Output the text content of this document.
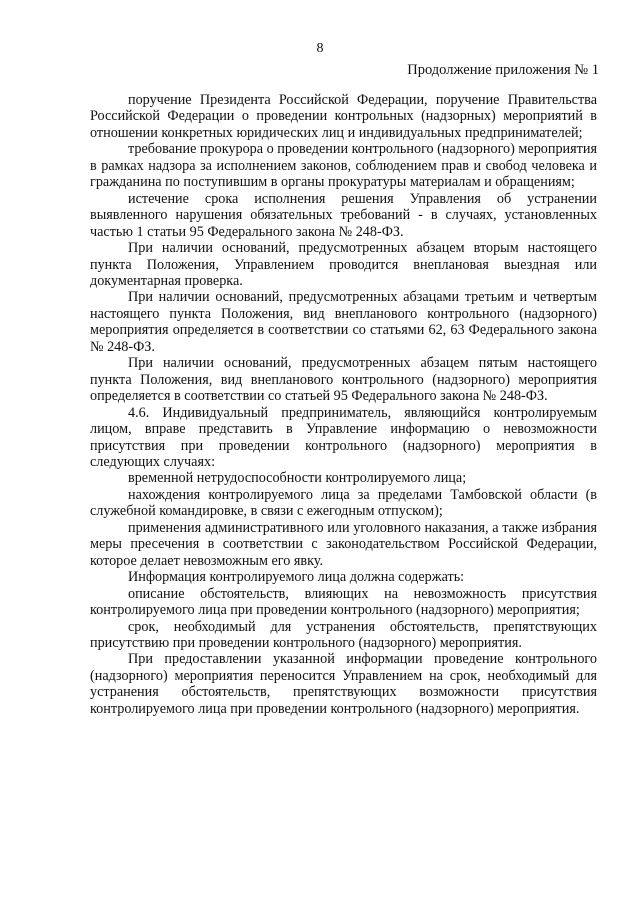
8
Продолжение приложения № 1

поручение Президента Российской Федерации, поручение Правительства Российской Федерации о проведении контрольных (надзорных) мероприятий в отношении конкретных юридических лиц и индивидуальных предпринимателей;

требование прокурора о проведении контрольного (надзорного) мероприятия в рамках надзора за исполнением законов, соблюдением прав и свобод человека и гражданина по поступившим в органы прокуратуры материалам и обращениям;

истечение срока исполнения решения Управления об устранении выявленного нарушения обязательных требований - в случаях, установленных частью 1 статьи 95 Федерального закона № 248-ФЗ.

При наличии оснований, предусмотренных абзацем вторым настоящего пункта Положения, Управлением проводится внеплановая выездная или документарная проверка.

При наличии оснований, предусмотренных абзацами третьим и четвертым настоящего пункта Положения, вид внепланового контрольного (надзорного) мероприятия определяется в соответствии со статьями 62, 63 Федерального закона № 248-ФЗ.

При наличии оснований, предусмотренных абзацем пятым настоящего пункта Положения, вид внепланового контрольного (надзорного) мероприятия определяется в соответствии со статьей 95 Федерального закона № 248-ФЗ.

4.6. Индивидуальный предприниматель, являющийся контролируемым лицом, вправе представить в Управление информацию о невозможности присутствия при проведении контрольного (надзорного) мероприятия в следующих случаях:

временной нетрудоспособности контролируемого лица;

нахождения контролируемого лица за пределами Тамбовской области (в служебной командировке, в связи с ежегодным отпуском);

применения административного или уголовного наказания, а также избрания меры пресечения в соответствии с законодательством Российской Федерации, которое делает невозможным его явку.

Информация контролируемого лица должна содержать:

описание обстоятельств, влияющих на невозможность присутствия контролируемого лица при проведении контрольного (надзорного) мероприятия;

срок, необходимый для устранения обстоятельств, препятствующих присутствию при проведении контрольного (надзорного) мероприятия.

При предоставлении указанной информации проведение контрольного (надзорного) мероприятия переносится Управлением на срок, необходимый для устранения обстоятельств, препятствующих возможности присутствия контролируемого лица при проведении контрольного (надзорного) мероприятия.
